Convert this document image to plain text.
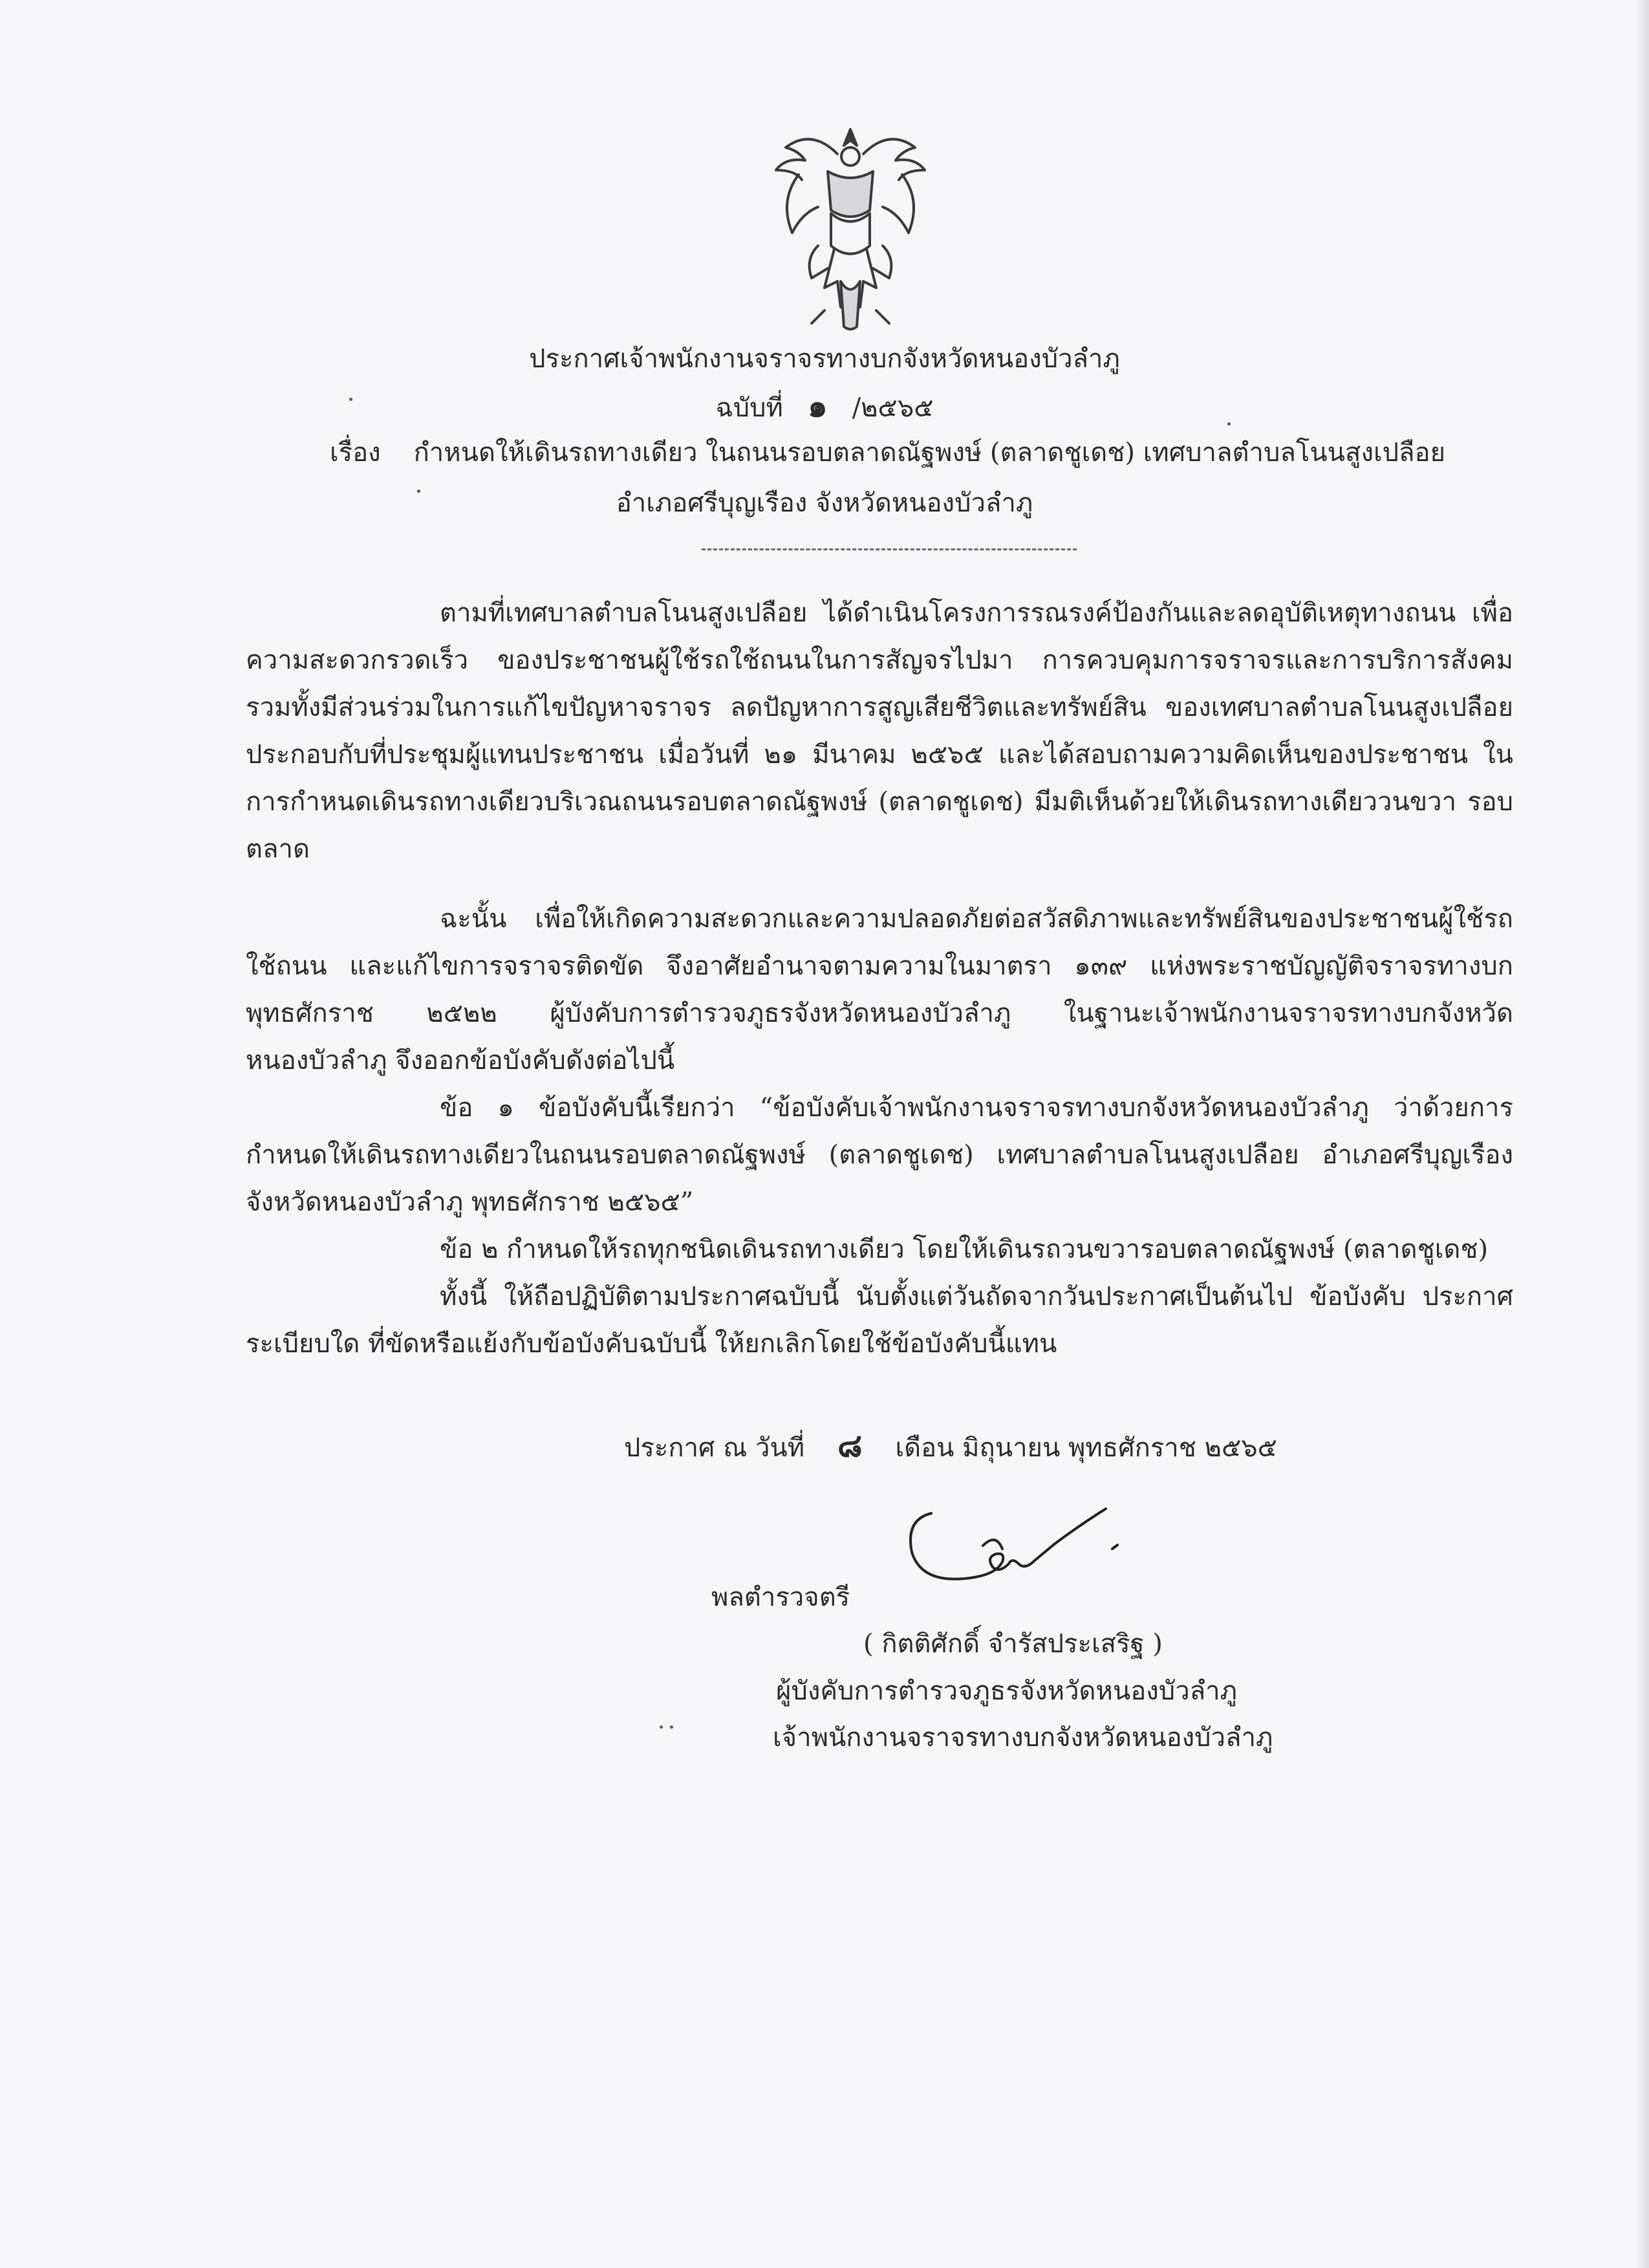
ประกาศเจ้าพนักงานจราจรทางบกจังหวัดหนองบัวลำภู
ฉบับที่ ๑ /๒๕๖๕
เรื่อง กำหนดให้เดินรถทางเดียว ในถนนรอบตลาดณัฐพงษ์ (ตลาดชูเดช) เทศบาลตำบลโนนสูงเปลือย
อำเภอศรีบุญเรือง จังหวัดหนองบัวลำภู

ตามที่เทศบาลตำบลโนนสูงเปลือย ได้ดำเนินโครงการรณรงค์ป้องกันและลดอุบัติเหตุทางถนน เพื่อความสะดวกรวดเร็ว ของประชาชนผู้ใช้รถใช้ถนนในการสัญจรไปมา การควบคุมการจราจรและการบริการสังคม รวมทั้งมีส่วนร่วมในการแก้ไขปัญหาจราจร ลดปัญหาการสูญเสียชีวิตและทรัพย์สิน ของเทศบาลตำบลโนนสูงเปลือย ประกอบกับที่ประชุมผู้แทนประชาชน เมื่อวันที่ ๒๑ มีนาคม ๒๕๖๕ และได้สอบถามความคิดเห็นของประชาชน ในการกำหนดเดินรถทางเดียวบริเวณถนนรอบตลาดณัฐพงษ์ (ตลาดชูเดช) มีมติเห็นด้วยให้เดินรถทางเดียววนขวา รอบตลาด

ฉะนั้น เพื่อให้เกิดความสะดวกและความปลอดภัยต่อสวัสดิภาพและทรัพย์สินของประชาชนผู้ใช้รถ ใช้ถนน และแก้ไขการจราจรติดขัด จึงอาศัยอำนาจตามความในมาตรา ๑๓๙ แห่งพระราชบัญญัติจราจรทางบก พุทธศักราช ๒๕๒๒ ผู้บังคับการตำรวจภูธรจังหวัดหนองบัวลำภู ในฐานะเจ้าพนักงานจราจรทางบกจังหวัด หนองบัวลำภู จึงออกข้อบังคับดังต่อไปนี้

ข้อ ๑ ข้อบังคับนี้เรียกว่า “ข้อบังคับเจ้าพนักงานจราจรทางบกจังหวัดหนองบัวลำภู ว่าด้วยการ กำหนดให้เดินรถทางเดียวในถนนรอบตลาดณัฐพงษ์ (ตลาดชูเดช) เทศบาลตำบลโนนสูงเปลือย อำเภอศรีบุญเรือง จังหวัดหนองบัวลำภู พุทธศักราช ๒๕๖๕”

ข้อ ๒ กำหนดให้รถทุกชนิดเดินรถทางเดียว โดยให้เดินรถวนขวารอบตลาดณัฐพงษ์ (ตลาดชูเดช)

ทั้งนี้ ให้ถือปฏิบัติตามประกาศฉบับนี้ นับตั้งแต่วันถัดจากวันประกาศเป็นต้นไป ข้อบังคับ ประกาศ ระเบียบใด ที่ขัดหรือแย้งกับข้อบังคับฉบับนี้ ให้ยกเลิกโดยใช้ข้อบังคับนี้แทน

ประกาศ ณ วันที่ ๘ เดือน มิถุนายน พุทธศักราช ๒๕๖๕
พลตำรวจตรี
( กิตติศักดิ์ จำรัสประเสริฐ )
ผู้บังคับการตำรวจภูธรจังหวัดหนองบัวลำภู
เจ้าพนักงานจราจรทางบกจังหวัดหนองบัวลำภู
